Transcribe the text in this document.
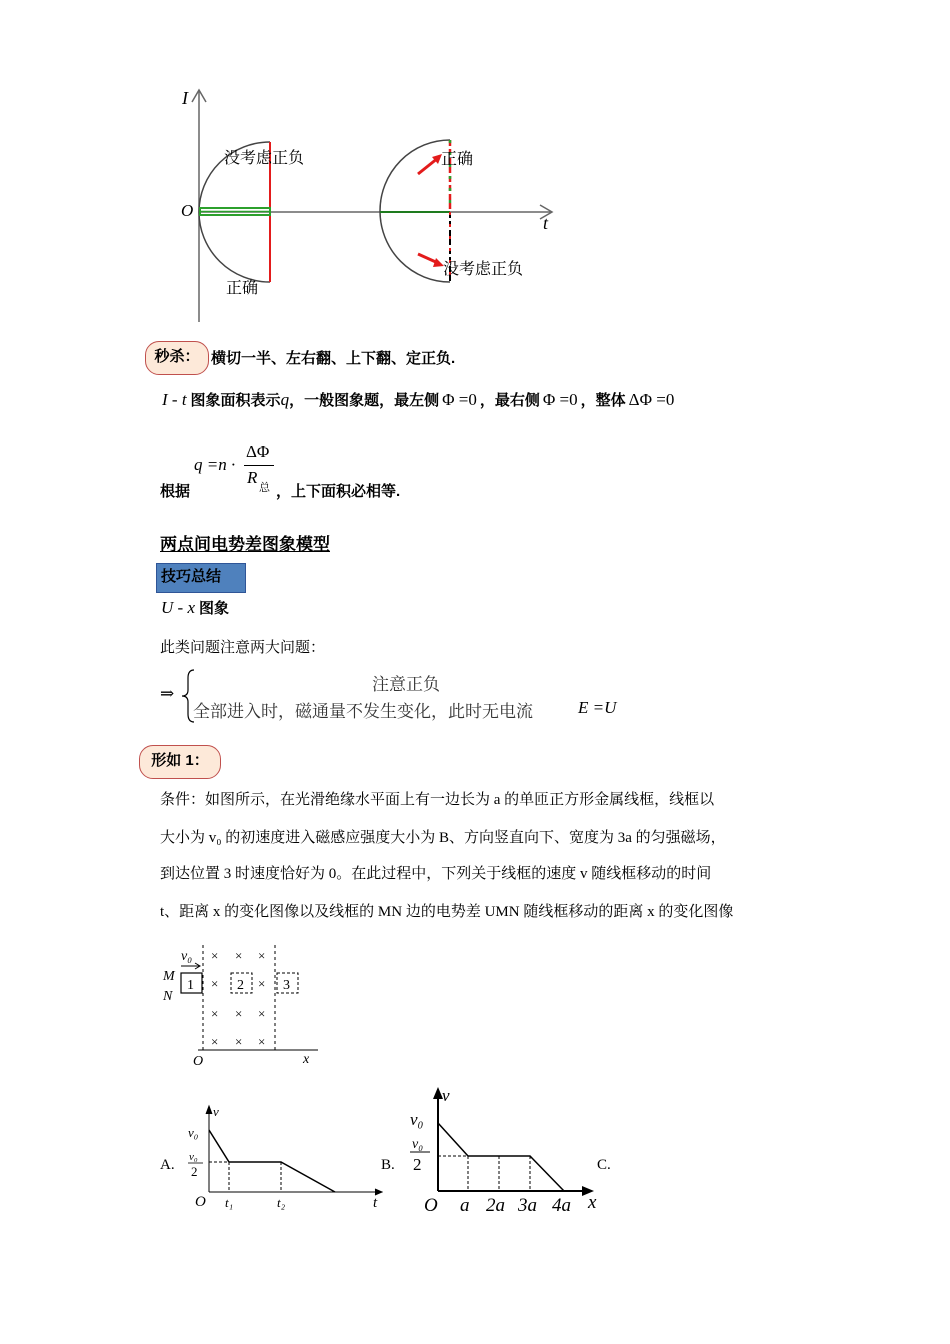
I
t
O
没考虑正负
正确
正确
没考虑正负
秒杀： 横切一半、左右翻、上下翻、定正负.
I - t 图象面积表示q，一般图象题，最左侧 Φ =0 ，最右侧 Φ =0 ，整体 ΔΦ =0
根据
q =n ·
ΔΦ
R
总 ，上下面积必相等.
两点间电势差图象模型
技巧总结
U - x 图象
此类问题注意两大问题：
⇒	注意正负
全部进入时，磁通量不发生变化，此时无电流	E =U
形如 1：
条件：如图所示，在光滑绝缘水平面上有一边长为 a 的单匝正方形金属线框，线框以
大小为 v₀ 的初速度进入磁感应强度大小为 B、方向竖直向下、宽度为 3a 的匀强磁场，
到达位置 3 时速度恰好为 0。在此过程中，下列关于线框的速度 v 随线框移动的时间
t、距离 x 的变化图像以及线框的 MN 边的电势差 UMN 随线框移动的距离 x 的变化图像
× × ×
×	×
× × ×
× × ×
v₀
M
N
1	2	3
O	x
A.
v
v₀
v₀
2
O t₁	t₂	t
B.
v
v₀
v₀
2
O a 2a 3a 4a x
C.
